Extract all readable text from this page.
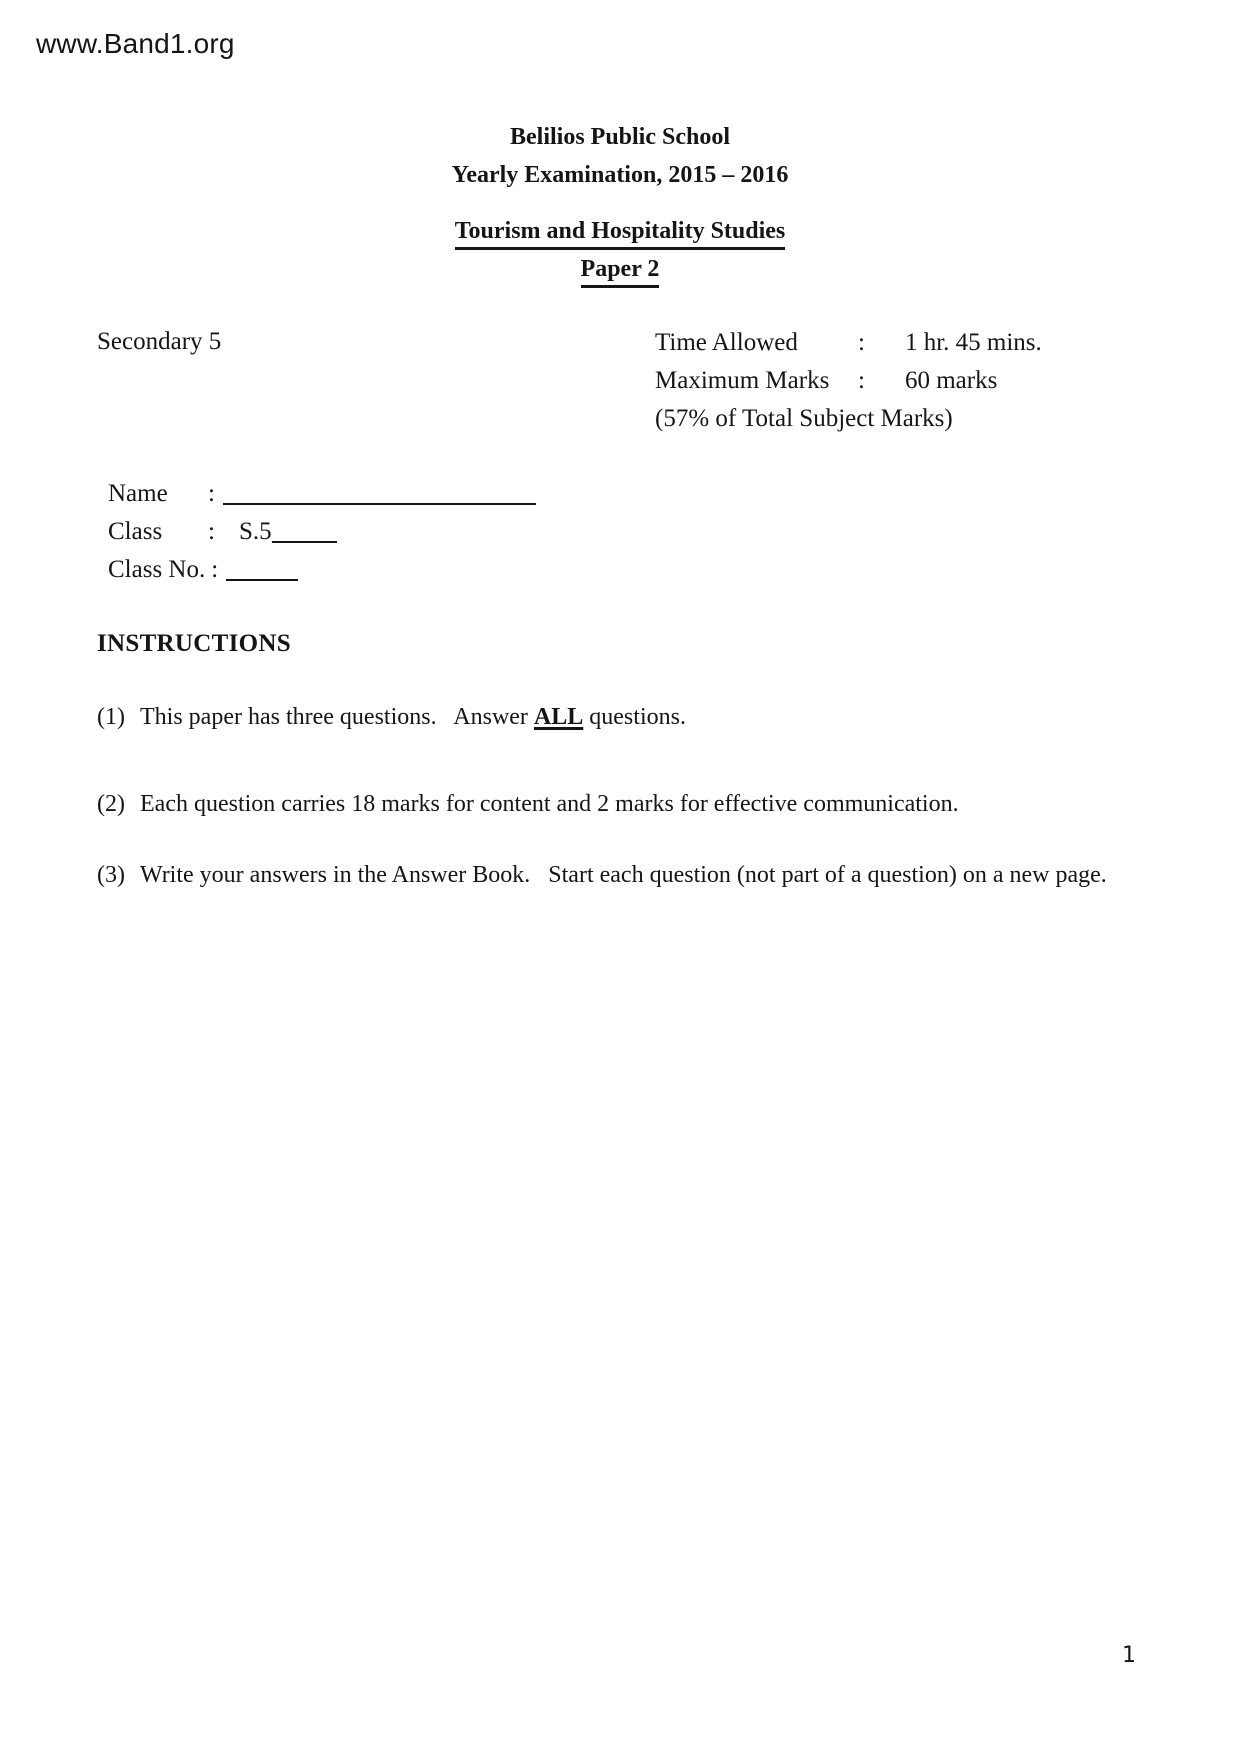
www.Band1.org
Belilios Public School
Yearly Examination, 2015 – 2016
Tourism and Hospitality Studies
Paper 2
Secondary 5	Time Allowed : 1 hr. 45 mins.
Maximum Marks : 60 marks
(57% of Total Subject Marks)
Name :
Class : S.5
Class No. :
INSTRUCTIONS
(1) This paper has three questions.   Answer ALL questions.
(2) Each question carries 18 marks for content and 2 marks for effective communication.
(3) Write your answers in the Answer Book.   Start each question (not part of a question) on a new page.
1
